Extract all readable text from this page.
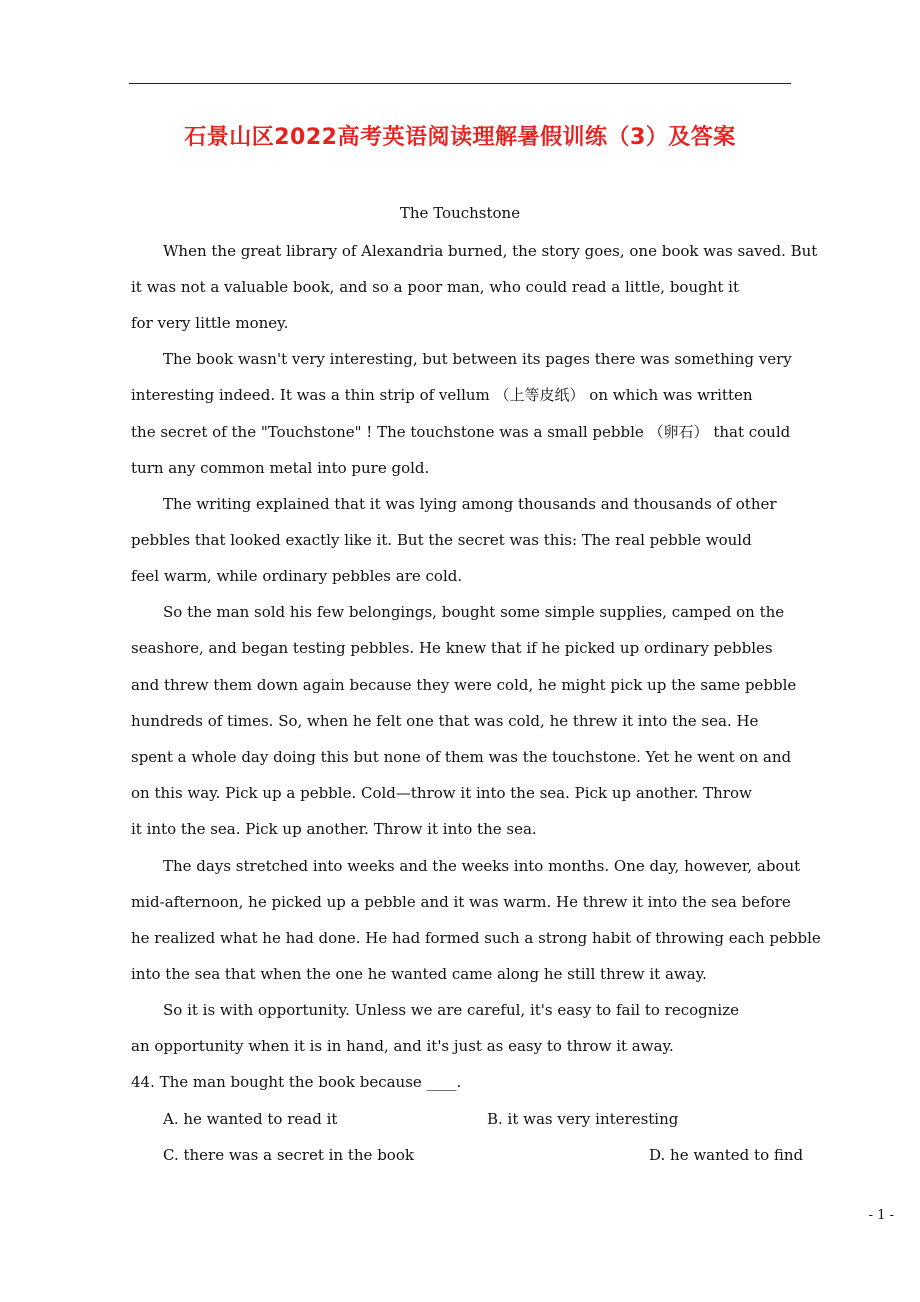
石景山区2022高考英语阅读理解暑假训练（3）及答案
The Touchstone
When the great library of Alexandria burned, the story goes, one book was saved. But
it was not a valuable book, and so a poor man, who could read a little, bought it
for very little money.
The book wasn't very interesting, but between its pages there was something very
interesting indeed. It was a thin strip of vellum （上等皮纸） on which was written
the secret of the "Touchstone" ! The touchstone was a small pebble （卵石） that could
turn any common metal into pure gold.
The writing explained that it was lying among thousands and thousands of other
pebbles that looked exactly like it. But the secret was this: The real pebble would
feel warm, while ordinary pebbles are cold.
So the man sold his few belongings, bought some simple supplies, camped on the
seashore, and began testing pebbles. He knew that if he picked up ordinary pebbles
and threw them down again because they were cold, he might pick up the same pebble
hundreds of times. So, when he felt one that was cold, he threw it into the sea. He
spent a whole day doing this but none of them was the touchstone. Yet he went on and
on this way. Pick up a pebble. Cold—throw it into the sea. Pick up another. Throw
it into the sea. Pick up another. Throw it into the sea.
The days stretched into weeks and the weeks into months. One day, however, about
mid-afternoon, he picked up a pebble and it was warm. He threw it into the sea before
he realized what he had done. He had formed such a strong habit of throwing each pebble
into the sea that when the one he wanted came along he still threw it away.
So it is with opportunity. Unless we are careful, it's easy to fail to recognize
an opportunity when it is in hand, and it's just as easy to throw it away.
44. The man bought the book because ____.
A. he wanted to read it	B. it was very interesting
C. there was a secret in the book	D. he wanted to find
- 1 -
